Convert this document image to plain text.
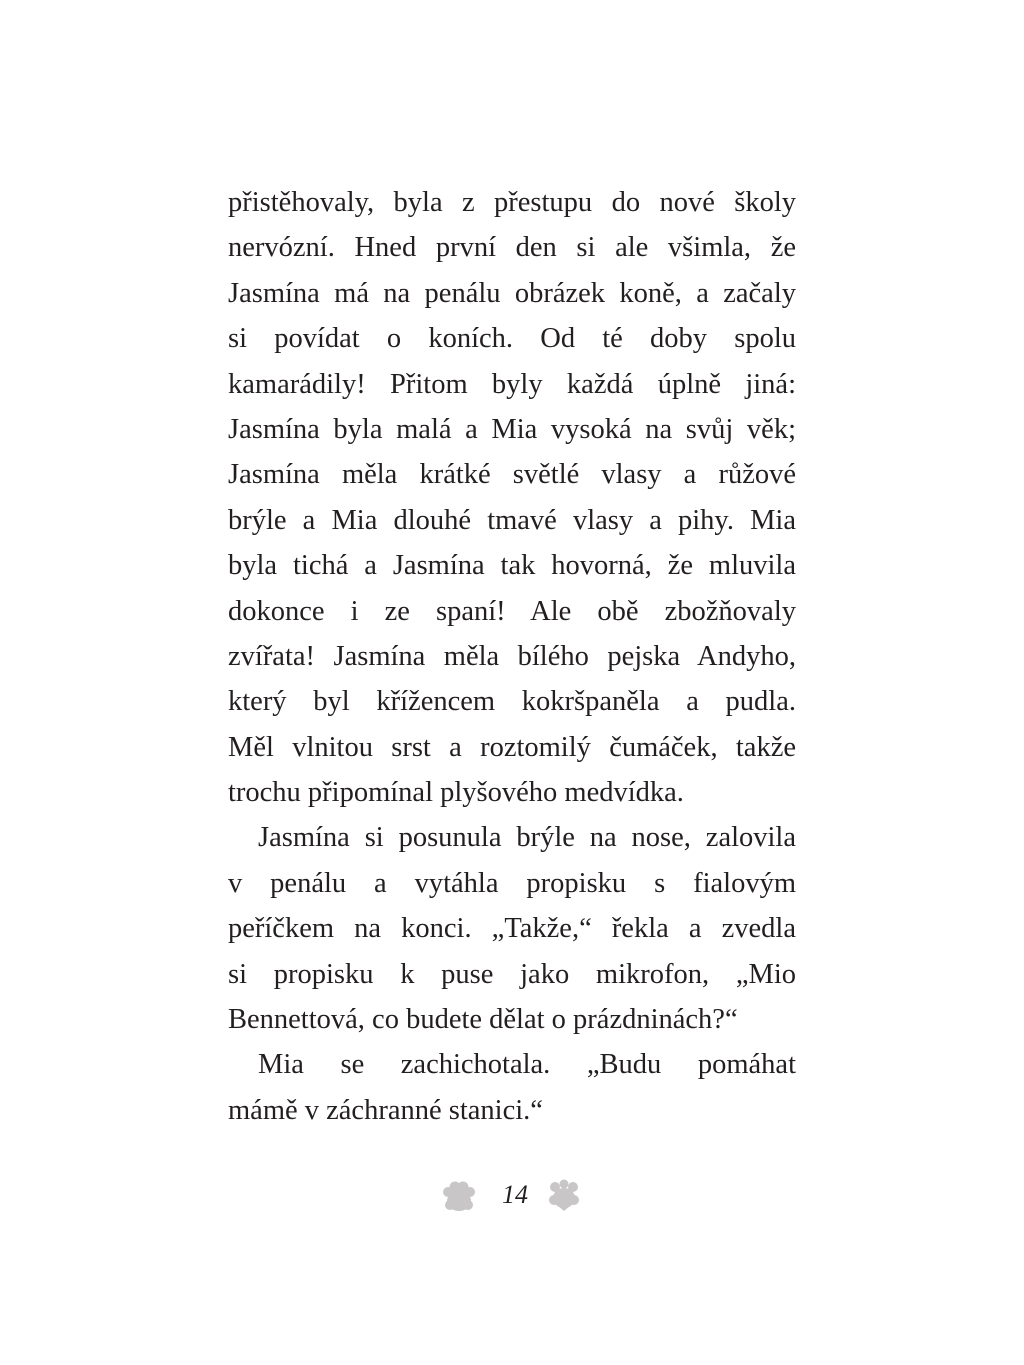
přistěhovaly, byla z přestupu do nové školy
nervózní. Hned první den si ale všimla, že
Jasmína má na penálu obrázek koně, a začaly
si povídat o koních. Od té doby spolu
kamarádily! Přitom byly každá úplně jiná:
Jasmína byla malá a Mia vysoká na svůj věk;
Jasmína měla krátké světlé vlasy a růžové
brýle a Mia dlouhé tmavé vlasy a pihy. Mia
byla tichá a Jasmína tak hovorná, že mluvila
dokonce i ze spaní! Ale obě zbožňovaly
zvířata! Jasmína měla bílého pejska Andyho,
který byl křížencem kokršpaněla a pudla.
Měl vlnitou srst a roztomilý čumáček, takže
trochu připomínal plyšového medvídka.
Jasmína si posunula brýle na nose, zalovila
v penálu a vytáhla propisku s fialovým
peříčkem na konci. „Takže,“ řekla a zvedla
si propisku k puse jako mikrofon, „Mio
Bennettová, co budete dělat o prázdninách?“
Mia se zachichotala. „Budu pomáhat
mámě v záchranné stanici.“
14
